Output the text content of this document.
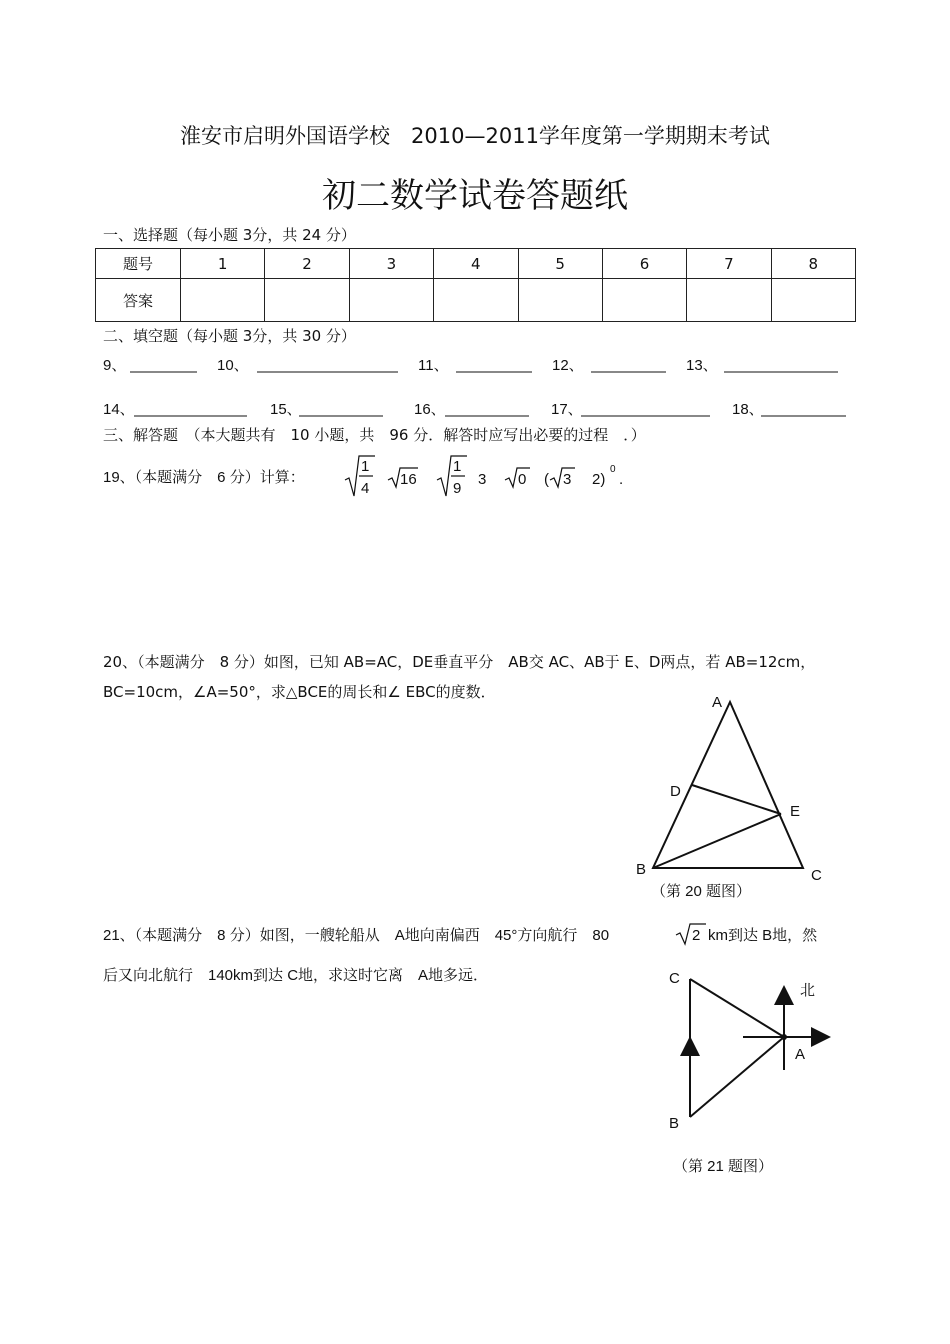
淮安市启明外国语学校　2010—2011学年度第一学期期末考试
初二数学试卷答题纸
一、选择题（每小题 3分，共 24 分）
题号	1	2	3	4	5	6	7	8
答案								
二、填空题（每小题 3分，共 30 分）
9、	10、	11、	12、	13、
14、	15、	16、	17、	18、
三、解答题　（本大题共有　10 小题，共　96 分．解答时应写出必要的过程　．）
19、（本题满分　6 分）计算：
1
4
16
1
9
3 0 ( 3 2)
0
.
20、（本题满分　8 分）如图，已知 AB=AC，DE垂直平分　AB交 AC、AB于 E、D两点，若 AB=12cm，
BC=10cm，∠A=50°，求△BCE的周长和∠ EBC的度数．
A
D
E
B	C
（第 20 题图）
21、（本题满分　8 分）如图，一艘轮船从　A地向南偏西　45°方向航行　80	2 km到达 B地，然
后又向北航行　140km到达 C地，求这时它离　A地多远．	C
北
A
B
（第 21 题图）
